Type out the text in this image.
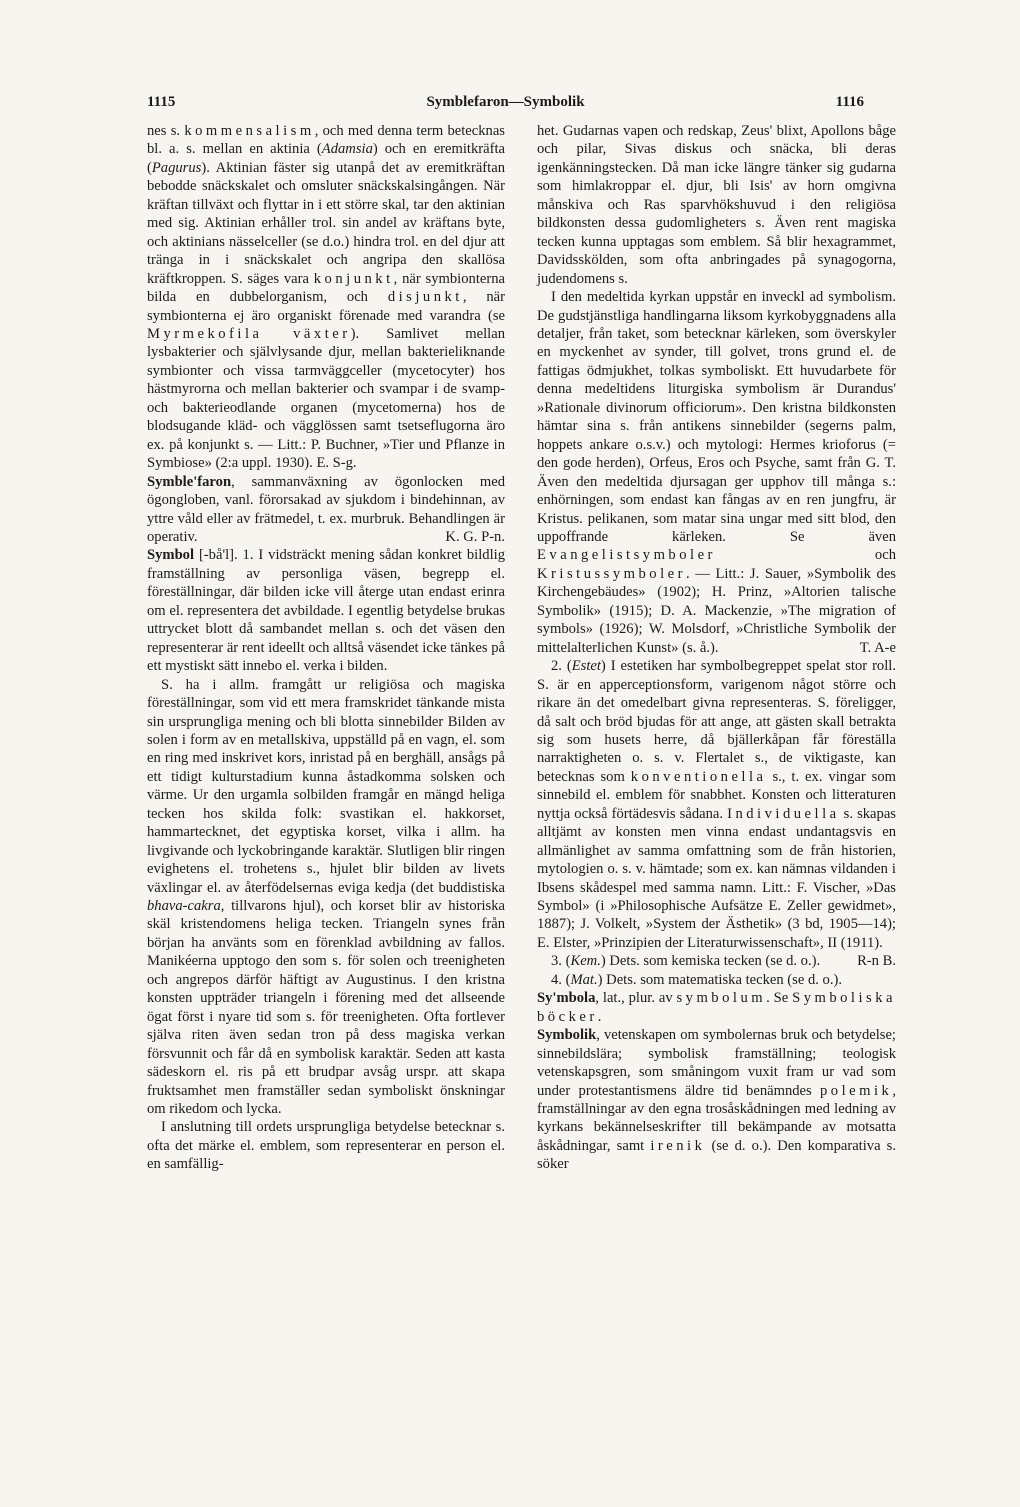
1115	Symblefaron—Symbolik	1116

nes s. kommensalism, och med denna term betecknas bl. a. s. mellan en aktinia (Adamsia) och en eremitkräfta (Pagurus). Aktinian fäster sig utanpå det av eremitkräftan bebodde snäckskalet och omsluter snäckskalsingången. När kräftan tillväxt och flyttar in i ett större skal, tar den aktinian med sig. Aktinian erhåller trol. sin andel av kräftans byte, och aktinians nässelceller (se d.o.) hindra trol. en del djur att tränga in i snäckskalet och angripa den skallösa kräftkroppen. S. säges vara konjunkt, när symbionterna bilda en dubbelorganism, och disjunkt, när symbionterna ej äro organiskt förenade med varandra (se Myrmekofila växter). Samlivet mellan lysbakterier och självlysande djur, mellan bakterieliknande symbionter och vissa tarmväggceller (mycetocyter) hos hästmyrorna och mellan bakterier och svampar i de svamp- och bakterieodlande organen (mycetomerna) hos de blodsugande kläd- och vägglössen samt tsetseflugorna äro ex. på konjunkt s. — Litt.: P. Buchner, »Tier und Pflanze in Symbiose» (2:a uppl. 1930). E. S-g.

Symble'faron, sammanväxning av ögonlocken med ögongloben, vanl. förorsakad av sjukdom i bindehinnan, av yttre våld eller av frätmedel, t. ex. murbruk. Behandlingen är operativ.	K. G. P-n.

Symbol [-bå'l]. 1. I vidsträckt mening sådan konkret bildlig framställning av personliga väsen, begrepp el. föreställningar, där bilden icke vill återge utan endast erinra om el. representera det avbildade. I egentlig betydelse brukas uttrycket blott då sambandet mellan s. och det väsen den representerar är rent ideellt och alltså väsendet icke tänkes på ett mystiskt sätt innebo el. verka i bilden.

S. ha i allm. framgått ur religiösa och magiska föreställningar, som vid ett mera framskridet tänkande mista sin ursprungliga mening och bli blotta sinnebilder Bilden av solen i form av en metallskiva, uppställd på en vagn, el. som en ring med inskrivet kors, inristad på en berghäll, ansågs på ett tidigt kulturstadium kunna åstadkomma solsken och värme. Ur den urgamla solbilden framgår en mängd heliga tecken hos skilda folk: svastikan el. hakkorset, hammartecknet, det egyptiska korset, vilka i allm. ha livgivande och lyckobringande karaktär. Slutligen blir ringen evighetens el. trohetens s., hjulet blir bilden av livets växlingar el. av återfödelsernas eviga kedja (det buddistiska bhava-cakra, tillvarons hjul), och korset blir av historiska skäl kristendomens heliga tecken. Triangeln synes från början ha använts som en förenklad avbildning av fallos. Manikéerna upptogo den som s. för solen och treenigheten och angrepos därför häftigt av Augustinus. I den kristna konsten uppträder triangeln i förening med det allseende ögat först i nyare tid som s. för treenigheten. Ofta fortlever själva riten även sedan tron på dess magiska verkan försvunnit och får då en symbolisk karaktär. Seden att kasta sädeskorn el. ris på ett brudpar avsåg urspr. att skapa fruktsamhet men framställer sedan symboliskt önskningar om rikedom och lycka.

I anslutning till ordets ursprungliga betydelse betecknar s. ofta det märke el. emblem, som representerar en person el. en samfällig-

het. Gudarnas vapen och redskap, Zeus' blixt, Apollons båge och pilar, Sivas diskus och snäcka, bli deras igenkänningstecken. Då man icke längre tänker sig gudarna som himlakroppar el. djur, bli Isis' av horn omgivna månskiva och Ras sparvhökshuvud i den religiösa bildkonsten dessa gudomligheters s. Även rent magiska tecken kunna upptagas som emblem. Så blir hexagrammet, Davidsskölden, som ofta anbringades på synagogorna, judendomens s.

I den medeltida kyrkan uppstår en inveckl ad symbolism. De gudstjänstliga handlingarna liksom kyrkobyggnadens alla detaljer, från taket, som betecknar kärleken, som överskyler en myckenhet av synder, till golvet, trons grund el. de fattigas ödmjukhet, tolkas symboliskt. Ett huvudarbete för denna medeltidens liturgiska symbolism är Durandus' »Rationale divinorum officiorum». Den kristna bildkonsten hämtar sina s. från antikens sinnebilder (segerns palm, hoppets ankare o.s.v.) och mytologi: Hermes krioforus (= den gode herden), Orfeus, Eros och Psyche, samt från G. T. Även den medeltida djursagan ger upphov till många s.: enhörningen, som endast kan fångas av en ren jungfru, är Kristus. pelikanen, som matar sina ungar med sitt blod, den uppoffrande kärleken. Se även Evangelistsymboler och Kristussymboler. — Litt.: J. Sauer, »Symbolik des Kirchengebäudes» (1902); H. Prinz, »Altorien talische Symbolik» (1915); D. A. Mackenzie, »The migration of symbols» (1926); W. Molsdorf, »Christliche Symbolik der mittelalterlichen Kunst» (s. å.).	T. A-e

2. (Estet) I estetiken har symbolbegreppet spelat stor roll. S. är en apperceptionsform, varigenom något större och rikare än det omedelbart givna representeras. S. föreligger, då salt och bröd bjudas för att ange, att gästen skall betrakta sig som husets herre, då bjällerkåpan får föreställa narraktigheten o. s. v. Flertalet s., de viktigaste, kan betecknas som konventionella s., t. ex. vingar som sinnebild el. emblem för snabbhet. Konsten och litteraturen nyttja också förtädesvis sådana. Individuella s. skapas alltjämt av konsten men vinna endast undantagsvis en allmänlighet av samma omfattning som de från historien, mytologien o. s. v. hämtade; som ex. kan nämnas vildanden i Ibsens skådespel med samma namn. Litt.: F. Vischer, »Das Symbol» (i »Philosophische Aufsätze E. Zeller gewidmet», 1887); J. Volkelt, »System der Ästhetik» (3 bd, 1905—14); E. Elster, »Prinzipien der Literaturwissenschaft», II (1911).
R-n B.

3. (Kem.) Dets. som kemiska tecken (se d. o.).

4. (Mat.) Dets. som matematiska tecken (se d. o.).

Sy'mbola, lat., plur. av symbolum. Se Symboliska böcker.

Symbolik, vetenskapen om symbolernas bruk och betydelse; sinnebildslära; symbolisk framställning; teologisk vetenskapsgren, som småningom vuxit fram ur vad som under protestantismens äldre tid benämndes polemik, framställningar av den egna trosåskådningen med ledning av kyrkans bekännelseskrifter till bekämpande av motsatta åskådningar, samt irenik (se d. o.). Den komparativa s. söker
